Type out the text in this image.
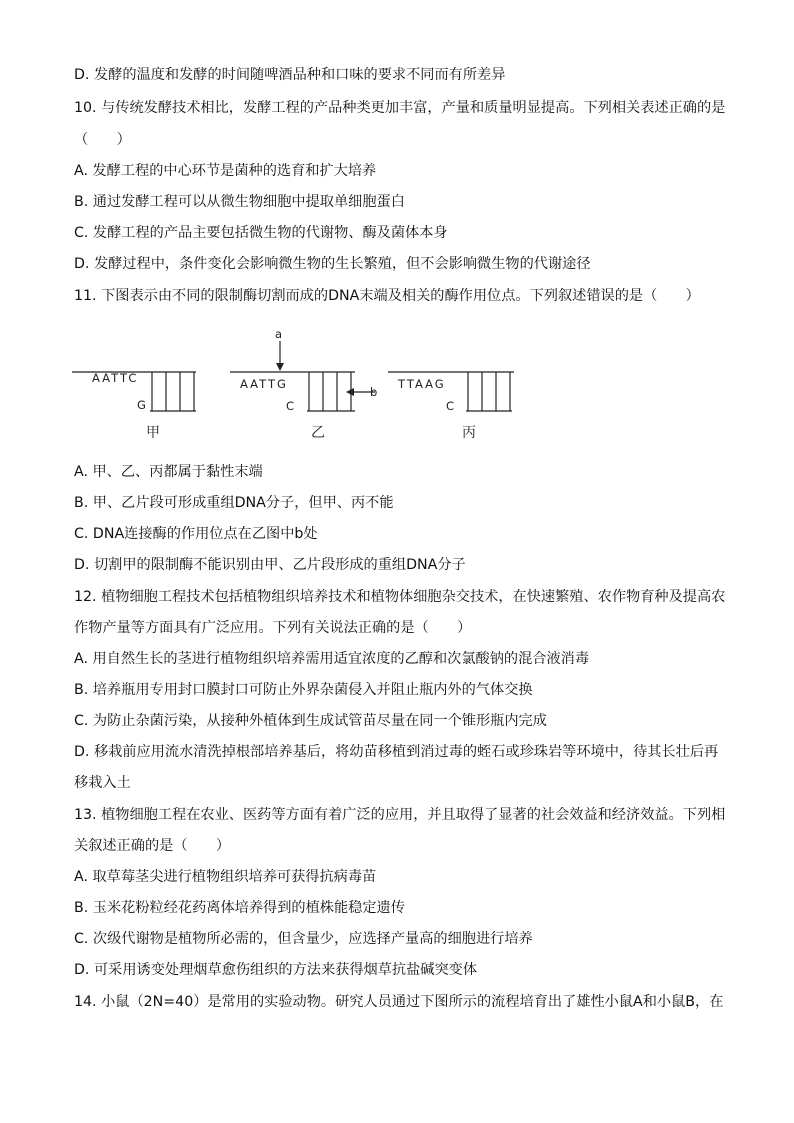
D. 发酵的温度和发酵的时间随啤酒品种和口味的要求不同而有所差异
10. 与传统发酵技术相比，发酵工程的产品种类更加丰富，产量和质量明显提高。下列相关表述正确的是
（　　）
A. 发酵工程的中心环节是菌种的选育和扩大培养
B. 通过发酵工程可以从微生物细胞中提取单细胞蛋白
C. 发酵工程的产品主要包括微生物的代谢物、酶及菌体本身
D. 发酵过程中，条件变化会影响微生物的生长繁殖，但不会影响微生物的代谢途径
11. 下图表示由不同的限制酶切割而成的DNA末端及相关的酶作用位点。下列叙述错误的是（　　）
AATTC
G
甲
AATTG
C
乙
a
b
TTAAG
C
丙
A. 甲、乙、丙都属于黏性末端
B. 甲、乙片段可形成重组DNA分子，但甲、丙不能
C. DNA连接酶的作用位点在乙图中b处
D. 切割甲的限制酶不能识别由甲、乙片段形成的重组DNA分子
12. 植物细胞工程技术包括植物组织培养技术和植物体细胞杂交技术，在快速繁殖、农作物育种及提高农
作物产量等方面具有广泛应用。下列有关说法正确的是（　　）
A. 用自然生长的茎进行植物组织培养需用适宜浓度的乙醇和次氯酸钠的混合液消毒
B. 培养瓶用专用封口膜封口可防止外界杂菌侵入并阻止瓶内外的气体交换
C. 为防止杂菌污染，从接种外植体到生成试管苗尽量在同一个锥形瓶内完成
D. 移栽前应用流水清洗掉根部培养基后，将幼苗移植到消过毒的蛭石或珍珠岩等环境中，待其长壮后再
移栽入土
13. 植物细胞工程在农业、医药等方面有着广泛的应用，并且取得了显著的社会效益和经济效益。下列相
关叙述正确的是（　　）
A. 取草莓茎尖进行植物组织培养可获得抗病毒苗
B. 玉米花粉粒经花药离体培养得到的植株能稳定遗传
C. 次级代谢物是植物所必需的，但含量少，应选择产量高的细胞进行培养
D. 可采用诱变处理烟草愈伤组织的方法来获得烟草抗盐碱突变体
14. 小鼠（2N=40）是常用的实验动物。研究人员通过下图所示的流程培育出了雄性小鼠A和小鼠B，在
